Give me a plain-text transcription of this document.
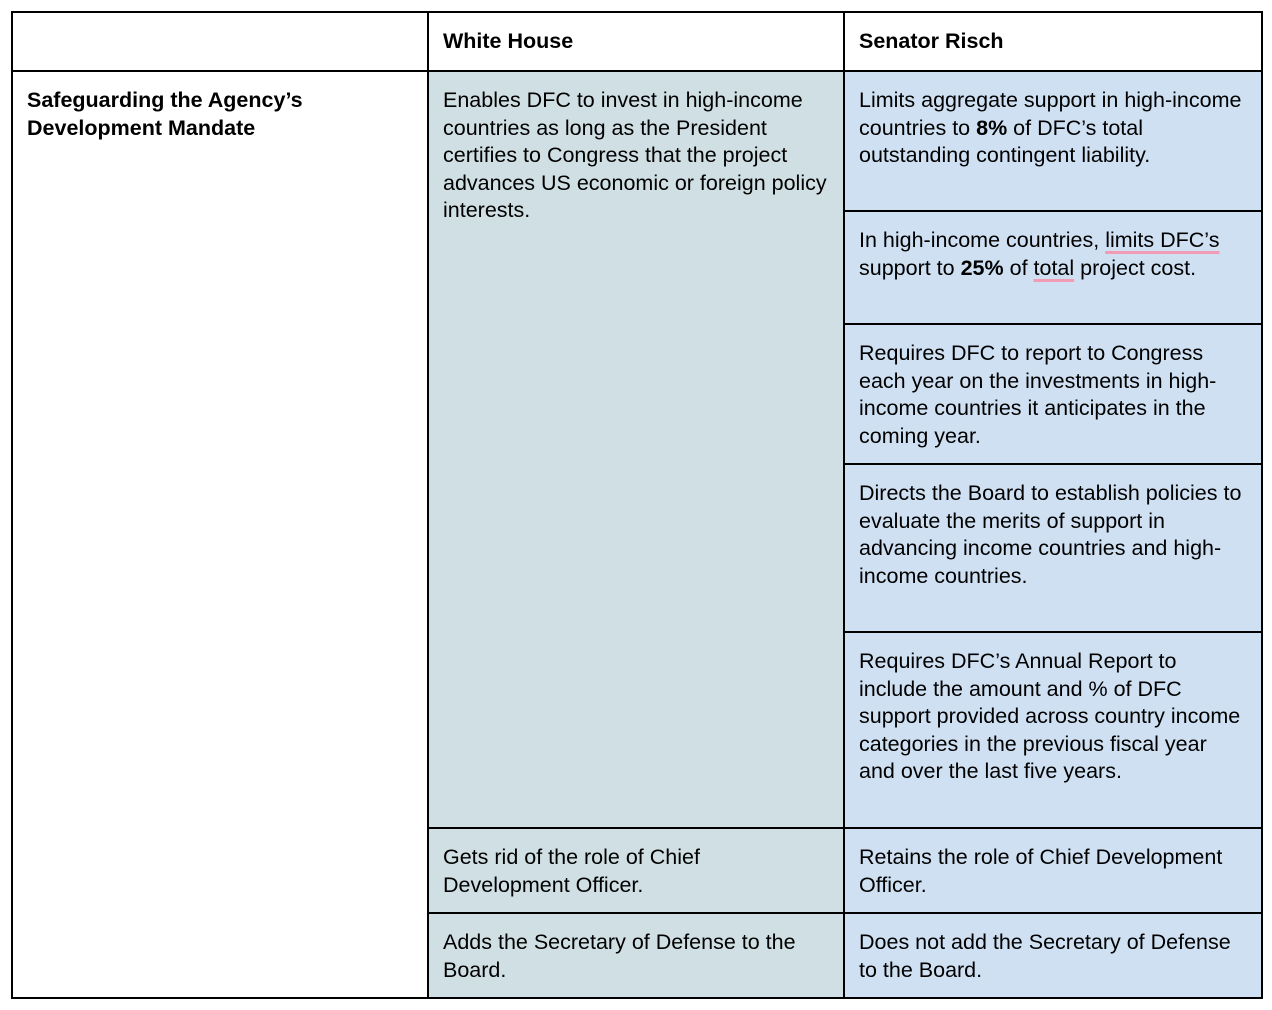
	White House	Senator Risch
Safeguarding the Agency’s Development Mandate	Enables DFC to invest in high-income countries as long as the President certifies to Congress that the project advances US economic or foreign policy interests.	Limits aggregate support in high-income countries to 8% of DFC’s total outstanding contingent liability.
		In high-income countries, limits DFC’s support to 25% of total project cost.
		Requires DFC to report to Congress each year on the investments in high-income countries it anticipates in the coming year.
		Directs the Board to establish policies to evaluate the merits of support in advancing income countries and high-income countries.
		Requires DFC’s Annual Report to include the amount and % of DFC support provided across country income categories in the previous fiscal year and over the last five years.
	Gets rid of the role of Chief Development Officer.	Retains the role of Chief Development Officer.
	Adds the Secretary of Defense to the Board.	Does not add the Secretary of Defense to the Board.
